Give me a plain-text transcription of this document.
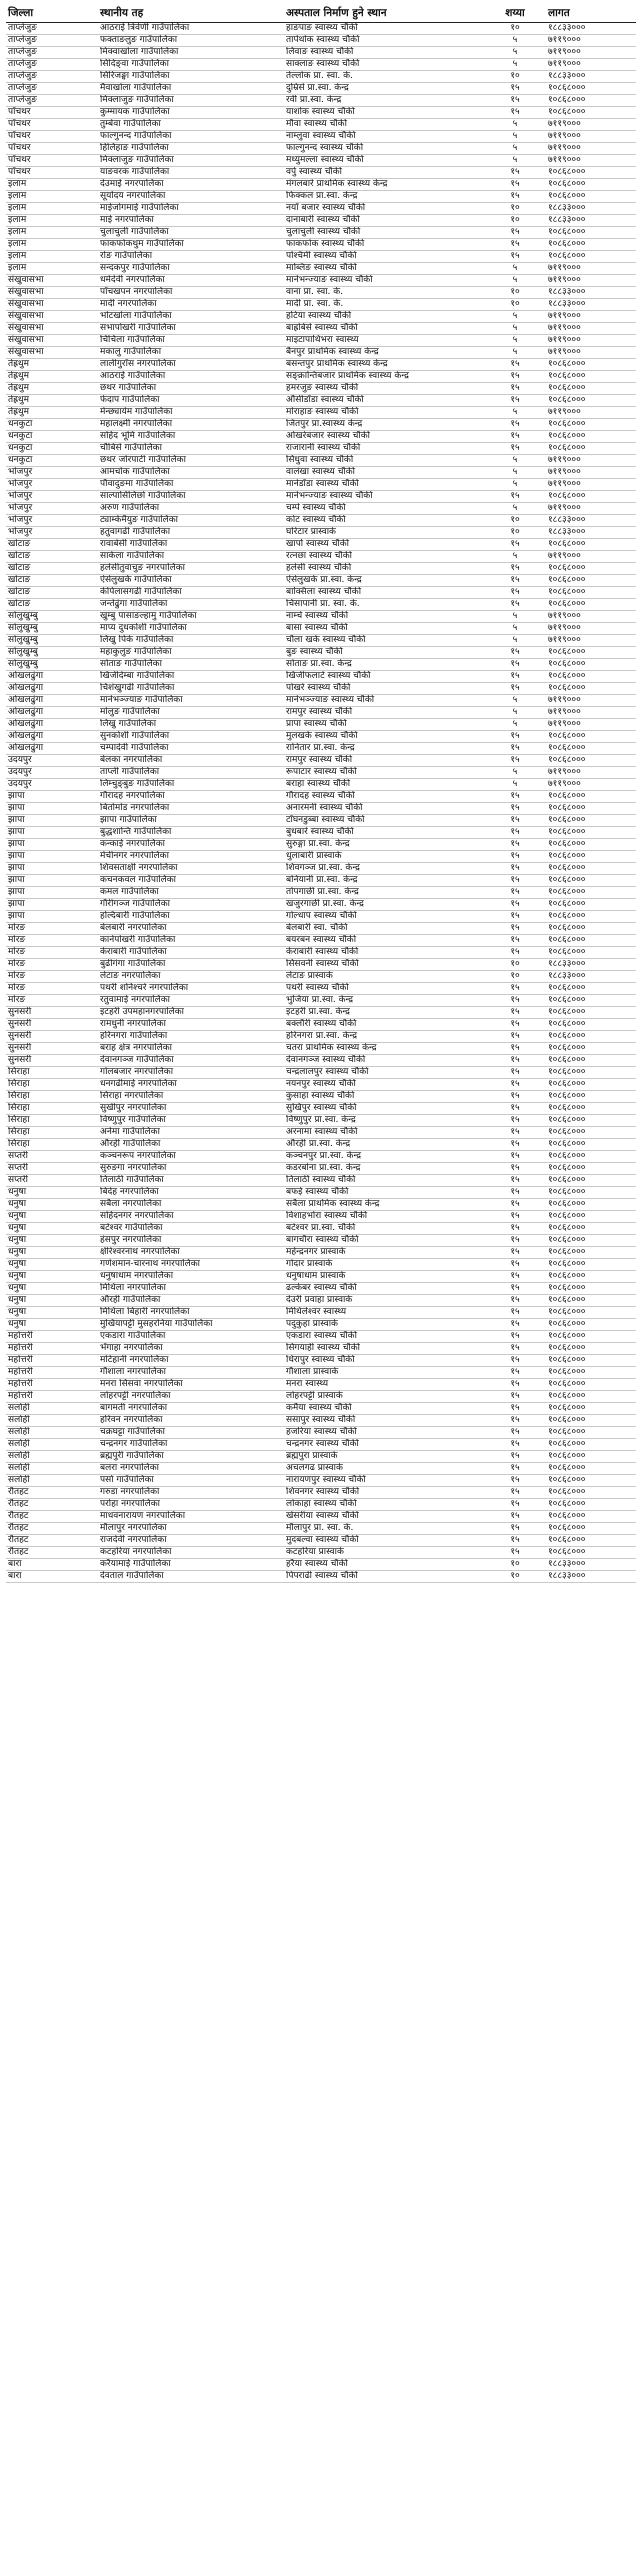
जिल्ला	स्थानीय तह	अस्पताल निर्माण हुने स्थान	शय्या	लागत
ताप्लेजुङ	आठराई त्रिवेणी गाउँपालिका	हाङपाङ स्वास्थ्य चौकी	१०	१८८३३०००
ताप्लेजुङ	फक्ताङलुङ गाउँपालिका	तापेथोक स्वास्थ्य चौकी	५	७११९०००
ताप्लेजुङ	मिक्वाखोला गाउँपालिका	लिवाङ स्वास्थ्य चौकी	५	७११९०००
ताप्लेजुङ	सिदिङ्वा गाउँपालिका	साक्लाङ स्वास्थ्य चौकी	५	७११९०००
ताप्लेजुङ	सिरिजङ्घा गाउँपालिका	तेल्लोक प्रा. स्वा. के.	१०	१८८३३०००
ताप्लेजुङ	मैवाखोला गाउँपालिका	दुम्रिसे प्रा.स्वा. केन्द्र	१५	१०८६८०००
ताप्लेजुङ	मिक्लाजुङ गाउँपालिका	रवी प्रा.स्वा. केन्द्र	१५	१०८६८०००
पाँचथर	कुम्मायक गाउँपालिका	याशोक स्वास्थ्य चौकी	१५	१०८६८०००
पाँचथर	तुम्बेवा गाउँपालिका	मौवा स्वास्थ्य चौकी	५	७११९०००
पाँचथर	फाल्गुनन्द गाउँपालिका	नाम्लुवा स्वास्थ्य चौकी	५	७११९०००
पाँचथर	हिलिहाङ गाउँपालिका	फाल्गुनन्द स्वास्थ्य चौकी	५	७११९०००
पाँचथर	मिक्लाजुङ गाउँपालिका	मध्युमल्ला स्वास्थ्य चौकी	५	७११९०००
पाँचथर	याङवरक गाउँपालिका	वर्पु स्वास्थ्य चौकी	१५	१०८६८०००
इलाम	देउमाई नगरपालिका	मंगलबारे प्राथमिक स्वास्थ्य केन्द्र	१५	१०८६८०००
इलाम	सूर्योदय नगरपालिका	फिक्कल प्रा.स्वा. केन्द्र	१५	१०८६८०००
इलाम	माईजोगमाई गाउँपालिका	नयाँ बजार स्वास्थ्य चौकी	१०	१८८३३०००
इलाम	माई नगरपालिका	दानाबारी स्वास्थ्य चौकी	१०	१८८३३०००
इलाम	चुलाचुली गाउँपालिका	चुलाचुली स्वास्थ्य चौकी	१५	१०८६८०००
इलाम	फाकफोकथुम गाउँपालिका	फाकफोक स्वास्थ्य चौकी	१५	१०८६८०००
इलाम	रोङ गाउँपालिका	पश्चिमी स्वास्थ्य चौकी	१५	१०८६८०००
इलाम	सन्दकपुर गाउँपालिका	माब्लिङ स्वास्थ्य चौकी	५	७११९०००
संखुवासभा	धर्मदेवी नगरपालिका	मानेभन्ज्याङ स्वास्थ्य चौकी	५	७११९०००
संखुवासभा	पाँचखपन नगरपालिका	वाना प्रा. स्वा. के.	१०	१८८३३०००
संखुवासभा	मादी नगरपालिका	मादी प्रा. स्वा. के.	१०	१८८३३०००
संखुवासभा	भोटखोला गाउँपालिका	हटिया स्वास्थ्य चौकी	५	७११९०००
संखुवासभा	सभापोखरी गाउँपालिका	बाह्रबिसे स्वास्थ्य चौकी	५	७११९०००
संखुवासभा	चिचिला गाउँपालिका	माइटापाथिभरा स्वास्थ्य	५	७११९०००
संखुवासभा	मकालु गाउँपालिका	बैनपुर प्राथमिक स्वास्थ्य केन्द्र	५	७११९०००
तेह्रथुम	लालीगुराँस नगरपालिका	बसन्तपुर प्राथमिक स्वास्थ्य केन्द्र	१५	१०८६८०००
तेह्रथुम	आठराई गाउँपालिका	सङ्क्रान्तिबजार प्राथमिक स्वास्थ्य केन्द्र	१५	१०८६८०००
तेह्रथुम	छथर गाउँपालिका	हमरजुङ स्वास्थ्य चौकी	१५	१०८६८०००
तेह्रथुम	फेदाप गाउँपालिका	औंसीडाँडा स्वास्थ्य चौकी	१५	१०८६८०००
तेह्रथुम	मेन्छ्यायेम गाउँपालिका	मोराहाङ स्वास्थ्य चौकी	५	७११९०००
धनकुटा	महालक्ष्मी नगरपालिका	जितपुर प्रा.स्वास्थ्य केन्द्र	१५	१०८६८०००
धनकुटा	सहिद भूमि गाउँपालिका	ओखरेबजार स्वास्थ्य चौकी	१५	१०८६८०००
धनकुटा	चौबिसे गाउँपालिका	राजारानी स्वास्थ्य चौकी	१५	१०८६८०००
धनकुटा	छथर जोरपाटी गाउँपालिका	सिंधुवा स्वास्थ्य चौकी	५	७११९०००
भोजपुर	आमचोक गाउँपालिका	वालंखा स्वास्थ्य चौकी	५	७११९०००
भोजपुर	पौवादुङमा गाउँपालिका	मानेडाँडा स्वास्थ्य चौकी	५	७११९०००
भोजपुर	साल्पासिलिछो गाउँपालिका	मानेभन्ज्याङ स्वास्थ्य चौकी	१५	१०८६८०००
भोजपुर	अरुण गाउँपालिका	चम्पे स्वास्थ्य चौकी	५	७११९०००
भोजपुर	ट्याम्केमैयुङ गाउँपालिका	कोट स्वास्थ्य चौकी	१०	१८८३३०००
भोजपुर	हतुवागढी गाउँपालिका	घोरेटार प्रास्वाके	१०	१८८३३०००
खोटाङ	रावाबेसी गाउँपालिका	खार्पा स्वास्थ्य चौकी	१५	१०८६८०००
खोटाङ	साकेला गाउँपालिका	रत्नछा स्वास्थ्य चौकी	५	७११९०००
खोटाङ	हलेसीतुवाचुङ नगरपालिका	हलेसी स्वास्थ्य चौकी	१५	१०८६८०००
खोटाङ	ऐसेलुखर्क गाउँपालिका	ऐसेलुखर्क प्रा.स्वा. केन्द्र	१५	१०८६८०००
खोटाङ	केपिलासगढी गाउँपालिका	बाक्सिला स्वास्थ्य चौकी	१५	१०८६८०००
खोटाङ	जन्तेढुंगा गाउँपालिका	चिसापानी प्रा. स्वा. के.	१५	१०८६८०००
सोलुखुम्बु	खुम्बु पासाङल्हामु गाउँपालिका	नाम्चे स्वास्थ्य चौकी	५	७११९०००
सोलुखुम्बु	माप्य दुधकोशी गाउँपालिका	बासा स्वास्थ्य चौकी	५	७११९०००
सोलुखुम्बु	लिखु पिके गाउँपालिका	चौला खर्क स्वास्थ्य चौकी	५	७११९०००
सोलुखुम्बु	महाकुलुङ गाउँपालिका	बुङ स्वास्थ्य चौकी	१५	१०८६८०००
सोलुखुम्बु	सोताङ गाउँपालिका	सोताङ प्रा.स्वा. केन्द्र	१५	१०८६८०००
ओखलढुंगा	खिजीदेम्बा गाउँपालिका	खिजीफलाटे स्वास्थ्य चौकी	१५	१०८६८०००
ओखलढुंगा	चिशंखुगढी गाउँपालिका	पोखरे स्वास्थ्य चौकी	१५	१०८६८०००
ओखलढुंगा	मानेभञ्ज्याङ गाउँपालिका	मानेभञ्ज्याङ स्वास्थ्य चौकी	५	७११९०००
ओखलढुंगा	मोलुङ गाउँपालिका	रामपुर स्वास्थ्य चौकी	५	७११९०००
ओखलढुंगा	लिखु गाउँपालिका	प्रापा स्वास्थ्य चौकी	५	७११९०००
ओखलढुंगा	सुनकोशी गाउँपालिका	मुलखर्क स्वास्थ्य चौकी	१५	१०८६८०००
ओखलढुंगा	चम्पादेवी गाउँपालिका	रानितार प्रा.स्वा. केन्द्र	१५	१०८६८०००
उदयपुर	बेलका नगरपालिका	रामपुर स्वास्थ्य चौकी	१५	१०८६८०००
उदयपुर	ताप्ली गाउँपालिका	रूपाटार स्वास्थ्य चौकी	५	७११९०००
उदयपुर	लिम्चुङ्बुङ गाउँपालिका	बराहा स्वास्थ्य चौकी	५	७११९०००
झापा	गौरादह नगरपालिका	गौरादह स्वास्थ्य चौकी	१५	१०८६८०००
झापा	बिर्तामोड नगरपालिका	अनारमनी स्वास्थ्य चौकी	१५	१०८६८०००
झापा	झापा गाउँपालिका	टाँघनडुब्बा स्वास्थ्य चौकी	१५	१०८६८०००
झापा	बुद्धशान्ति गाउँपालिका	बुधबारे स्वास्थ्य चौकी	१५	१०८६८०००
झापा	कन्काई नगरपालिका	सुरुङ्गा प्रा.स्वा. केन्द्र	१५	१०८६८०००
झापा	मेचीनगर नगरपालिका	धुलाबारी प्रास्वाके	१५	१०८६८०००
झापा	शिवसताक्षी नगरपालिका	शिवगञ्ज प्रा.स्वा. केन्द्र	१५	१०८६८०००
झापा	कचनकवल गाउँपालिका	बनियानी प्रा.स्वा. केन्द्र	१५	१०८६८०००
झापा	कमल गाउँपालिका	तोपगाछी प्रा.स्वा. केन्द्र	१५	१०८६८०००
झापा	गौरीगञ्ज गाउँपालिका	खजुरगाछी प्रा.स्वा. केन्द्र	१५	१०८६८०००
झापा	हल्दिबारी गाउँपालिका	गोल्धाप स्वास्थ्य चौकी	१५	१०८६८०००
मोरङ	बेलबारी नगरपालिका	बेलबारी स्वा. चौकी	१५	१०८६८०००
मोरङ	कानेपोखरी गाउँपालिका	बयरबन स्वास्थ्य चौकी	१५	१०८६८०००
मोरङ	केराबारी गाउँपालिका	केराबारी स्वास्थ्य चौकी	१५	१०८६८०००
मोरङ	बुढीगंगा गाउँपालिका	सिसवनी स्वास्थ्य चौकी	१०	१८८३३०००
मोरङ	लेटाङ नगरपालिका	लेटाङ प्रास्वाके	१०	१८८३३०००
मोरङ	पथरी शनिश्चरे नगरपालिका	पथरी स्वास्थ्य चौकी	१५	१०८६८०००
मोरङ	रतुवामाई नगरपालिका	भुजिया प्रा.स्वा. केन्द्र	१५	१०८६८०००
सुनसरी	इटहरी उपमहानगरपालिका	इटहरी प्रा.स्वा. केन्द्र	१५	१०८६८०००
सुनसरी	रामधुनी नगरपालिका	बक्लौरी स्वास्थ्य चौकी	१५	१०८६८०००
सुनसरी	हरिनगरा गाउँपालिका	हरिनगरा प्रा.स्वा. केन्द्र	१५	१०८६८०००
सुनसरी	बराह क्षेत्र नगरपालिका	चतरा प्राथमिक स्वास्थ्य केन्द्र	१५	१०८६८०००
सुनसरी	देवानगञ्ज गाउँपालिका	देवानगञ्ज स्वास्थ्य चौकी	१५	१०८६८०००
सिराहा	गोलबजार नगरपालिका	चन्द्रलालपुर स्वास्थ्य चौकी	१५	१०८६८०००
सिराहा	धनगढीमाई नगरपालिका	नयनपुर स्वास्थ्य चौकी	१५	१०८६८०००
सिराहा	सिराहा नगरपालिका	कुसाहा स्वास्थ्य चौकी	१५	१०८६८०००
सिराहा	सुखीपुर नगरपालिका	सुखिपुर स्वास्थ्य चौकी	१५	१०८६८०००
सिराहा	विष्णुपुर गाउँपालिका	विष्णुपुर प्रा.स्वा. केन्द्र	१५	१०८६८०००
सिराहा	अर्नमा गाउँपालिका	अरनामा स्वास्थ्य चौकी	१५	१०८६८०००
सिराहा	औरही गाउँपालिका	औरही प्रा.स्वा. केन्द्र	१५	१०८६८०००
सप्तरी	कञ्चनरूप नगरपालिका	कञ्चनपुर प्रा.स्वा. केन्द्र	१५	१०८६८०००
सप्तरी	सुरुङगा नगरपालिका	कडरबोना प्रा.स्वा. केन्द्र	१५	१०८६८०००
सप्तरी	तिलाठी गाउँपालिका	तिलाठी स्वास्थ्य चौकी	१५	१०८६८०००
धनुषा	बिदेह नगरपालिका	बफई स्वास्थ्य चौकी	१५	१०८६८०००
धनुषा	सबैला नगरपालिका	सबैला प्राथमिक स्वास्थ्य केन्द्र	१५	१०८६८०००
धनुषा	सहिदनगर नगरपालिका	विशाहभोरा स्वास्थ्य चौकी	१५	१०८६८०००
धनुषा	बटेश्वर गाउँपालिका	बटेश्वर प्रा.स्वा. चौकी	१५	१०८६८०००
धनुषा	हंसपुर नगरपालिका	बागचौरा स्वास्थ्य चौकी	१५	१०८६८०००
धनुषा	क्षीरेश्वरनाथ नगरपालिका	महेन्द्रनगर प्रास्वाके	१५	१०८६८०००
धनुषा	गणेशमान-चारनाथ नगरपालिका	गोदार प्रास्वाके	१५	१०८६८०००
धनुषा	धनुषाधाम नगरपालिका	धनुषाधाम प्रास्वाके	१५	१०८६८०००
धनुषा	मिथिला नगरपालिका	ढल्केबर स्वास्थ्य चौकी	१५	१०८६८०००
धनुषा	औरही गाउँपालिका	देउरी प्रवाहा प्रास्वाके	१५	१०८६८०००
धनुषा	मिथिला बिहारी नगरपालिका	मिथिलेश्वर स्वास्थ्य	१५	१०८६८०००
धनुषा	मुखियापट्टी मुसहरनिया गाउँपालिका	पदुकुहा प्रास्वाके	१५	१०८६८०००
महोत्तरी	एकडारा गाउँपालिका	एकडारा स्वास्थ्य चौकी	१५	१०८६८०००
महोत्तरी	भँगाहा नगरपालिका	सिंगयाही स्वास्थ्य चौकी	१५	१०८६८०००
महोत्तरी	मटिहानी नगरपालिका	धिरापुर स्वास्थ्य चौकी	१५	१०८६८०००
महोत्तरी	गौशाला नगरपालिका	गौशाला प्रास्वाके	१५	१०८६८०००
महोत्तरी	मनरा सिसवा नगरपालिका	मनरा स्वास्थ्य	१५	१०८६८०००
महोत्तरी	लोहरपट्टी नगरपालिका	लोहरपट्टी प्रास्वाके	१५	१०८६८०००
सर्लाही	बागमती नगरपालिका	कर्मैया स्वास्थ्य चौकी	१५	१०८६८०००
सर्लाही	हरिवन नगरपालिका	ससापुर स्वास्थ्य चौकी	१५	१०८६८०००
सर्लाही	चक्रघट्टा गाउँपालिका	हजरिया स्वास्थ्य चौकी	१५	१०८६८०००
सर्लाही	चन्द्रनगर गाउँपालिका	चन्द्रनगर स्वास्थ्य चौकी	१५	१०८६८०००
सर्लाही	ब्रह्मपुरी गाउँपालिका	ब्रह्मपुरा प्रास्वाके	१५	१०८६८०००
सर्लाही	बलरा नगरपालिका	अचलगढ प्रास्वाके	१५	१०८६८०००
सर्लाही	पर्सा गाउँपालिका	नारायणपुर स्वास्थ्य चौकी	१५	१०८६८०००
रौतहट	गरुडा नगरपालिका	शिवनगर स्वास्थ्य चौकी	१५	१०८६८०००
रौतहट	परोहा नगरपालिका	लोकाहा स्वास्थ्य चौकी	१५	१०८६८०००
रौतहट	माधवनारायण नगरपालिका	खेसरीया स्वास्थ्य चौकी	१५	१०८६८०००
रौतहट	मौलापुर नगरपालिका	मौलापुर प्रा. स्वा. के.	१५	१०८६८०००
रौतहट	राजदेवी नगरपालिका	मुदबल्वा स्वास्थ्य चौकी	१५	१०८६८०००
रौतहट	कटहरिया नगरपालिका	कटहरिया प्रास्वाके	१५	१०८६८०००
बारा	करैयामाई गाउँपालिका	हरैया स्वास्थ्य चौकी	१०	१८८३३०००
बारा	देवताल गाउँपालिका	पिपराढी स्वास्थ्य चौकी	१०	१८८३३०००
